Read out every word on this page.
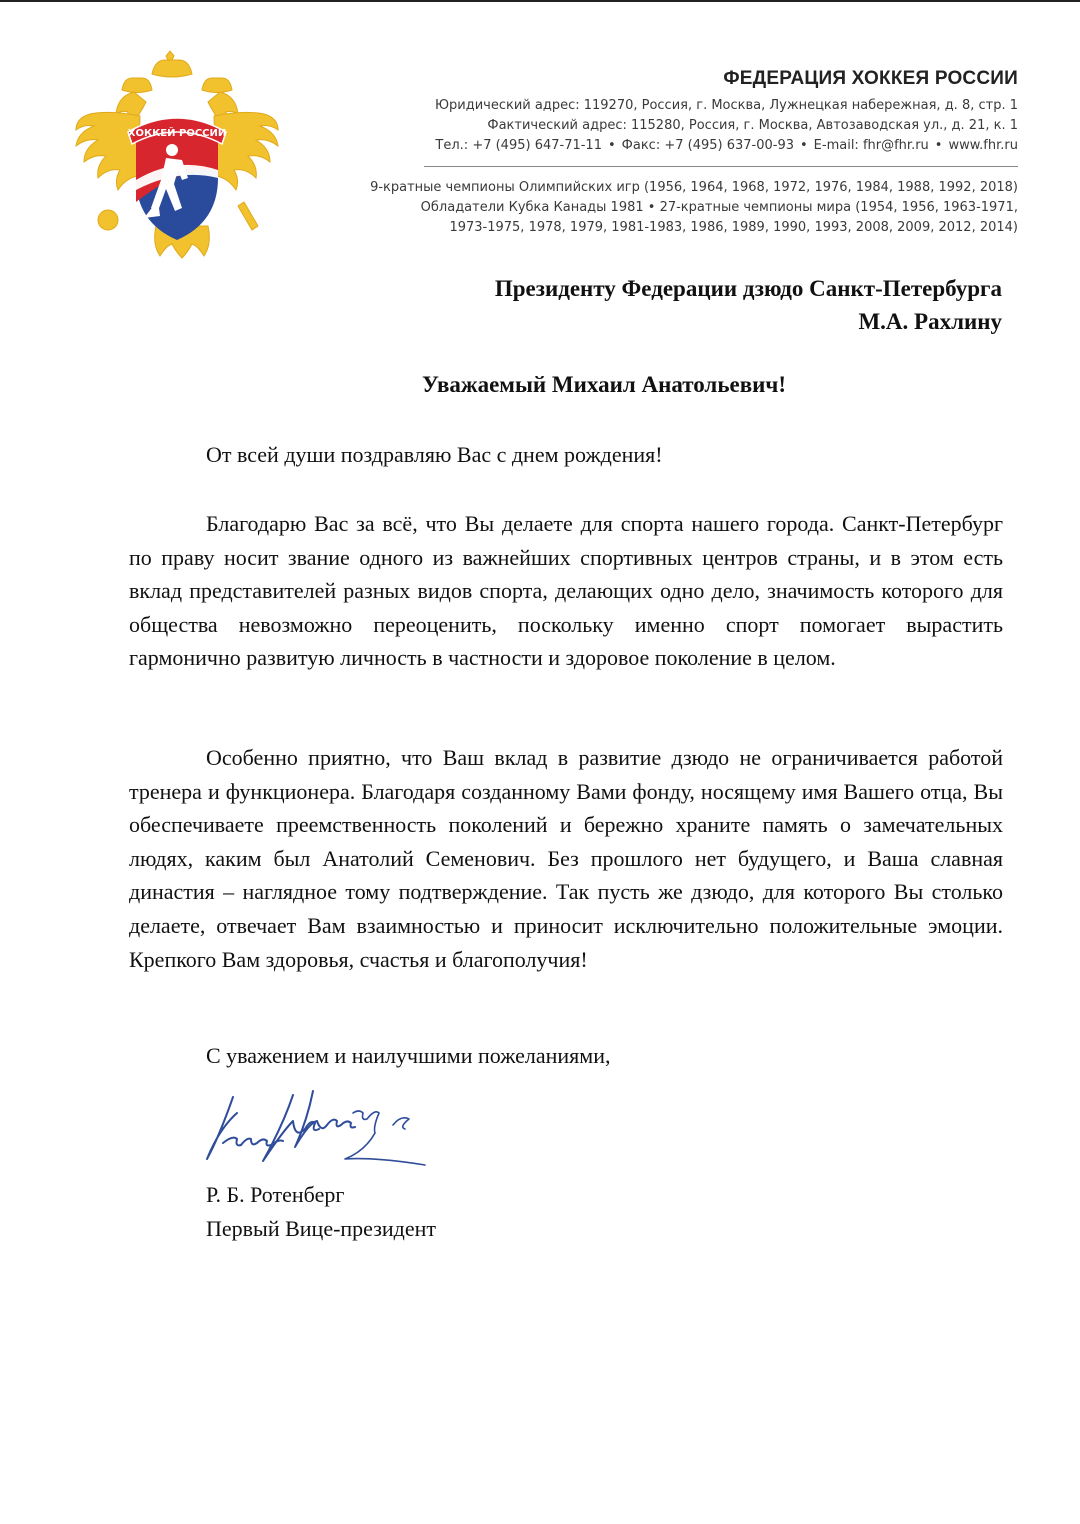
ХОККЕЙ РОССИИ
ФЕДЕРАЦИЯ ХОККЕЯ РОССИИ
Юридический адрес: 119270, Россия, г. Москва, Лужнецкая набережная, д. 8, стр. 1
Фактический адрес: 115280, Россия, г. Москва, Автозаводская ул., д. 21, к. 1
Тел.: +7 (495) 647-71-11 • Факс: +7 (495) 637-00-93 • E-mail: fhr@fhr.ru • www.fhr.ru
9-кратные чемпионы Олимпийских игр (1956, 1964, 1968, 1972, 1976, 1984, 1988, 1992, 2018)
Обладатели Кубка Канады 1981 • 27-кратные чемпионы мира (1954, 1956, 1963-1971,
1973-1975, 1978, 1979, 1981-1983, 1986, 1989, 1990, 1993, 2008, 2009, 2012, 2014)
Президенту Федерации дзюдо Санкт-Петербурга
М.А. Рахлину
Уважаемый Михаил Анатольевич!

От всей души поздравляю Вас с днем рождения!

Благодарю Вас за всё, что Вы делаете для спорта нашего города. Санкт-Петербург по праву носит звание одного из важнейших спортивных центров страны, и в этом есть вклад представителей разных видов спорта, делающих одно дело, значимость которого для общества невозможно переоценить, поскольку именно спорт помогает вырастить гармонично развитую личность в частности и здоровое поколение в целом.

Особенно приятно, что Ваш вклад в развитие дзюдо не ограничивается работой тренера и функционера. Благодаря созданному Вами фонду, носящему имя Вашего отца, Вы обеспечиваете преемственность поколений и бережно храните память о замечательных людях, каким был Анатолий Семенович. Без прошлого нет будущего, и Ваша славная династия – наглядное тому подтверждение. Так пусть же дзюдо, для которого Вы столько делаете, отвечает Вам взаимностью и приносит исключительно положительные эмоции. Крепкого Вам здоровья, счастья и благополучия!

С уважением и наилучшими пожеланиями,
Р. Б. Ротенберг
Первый Вице-президент
